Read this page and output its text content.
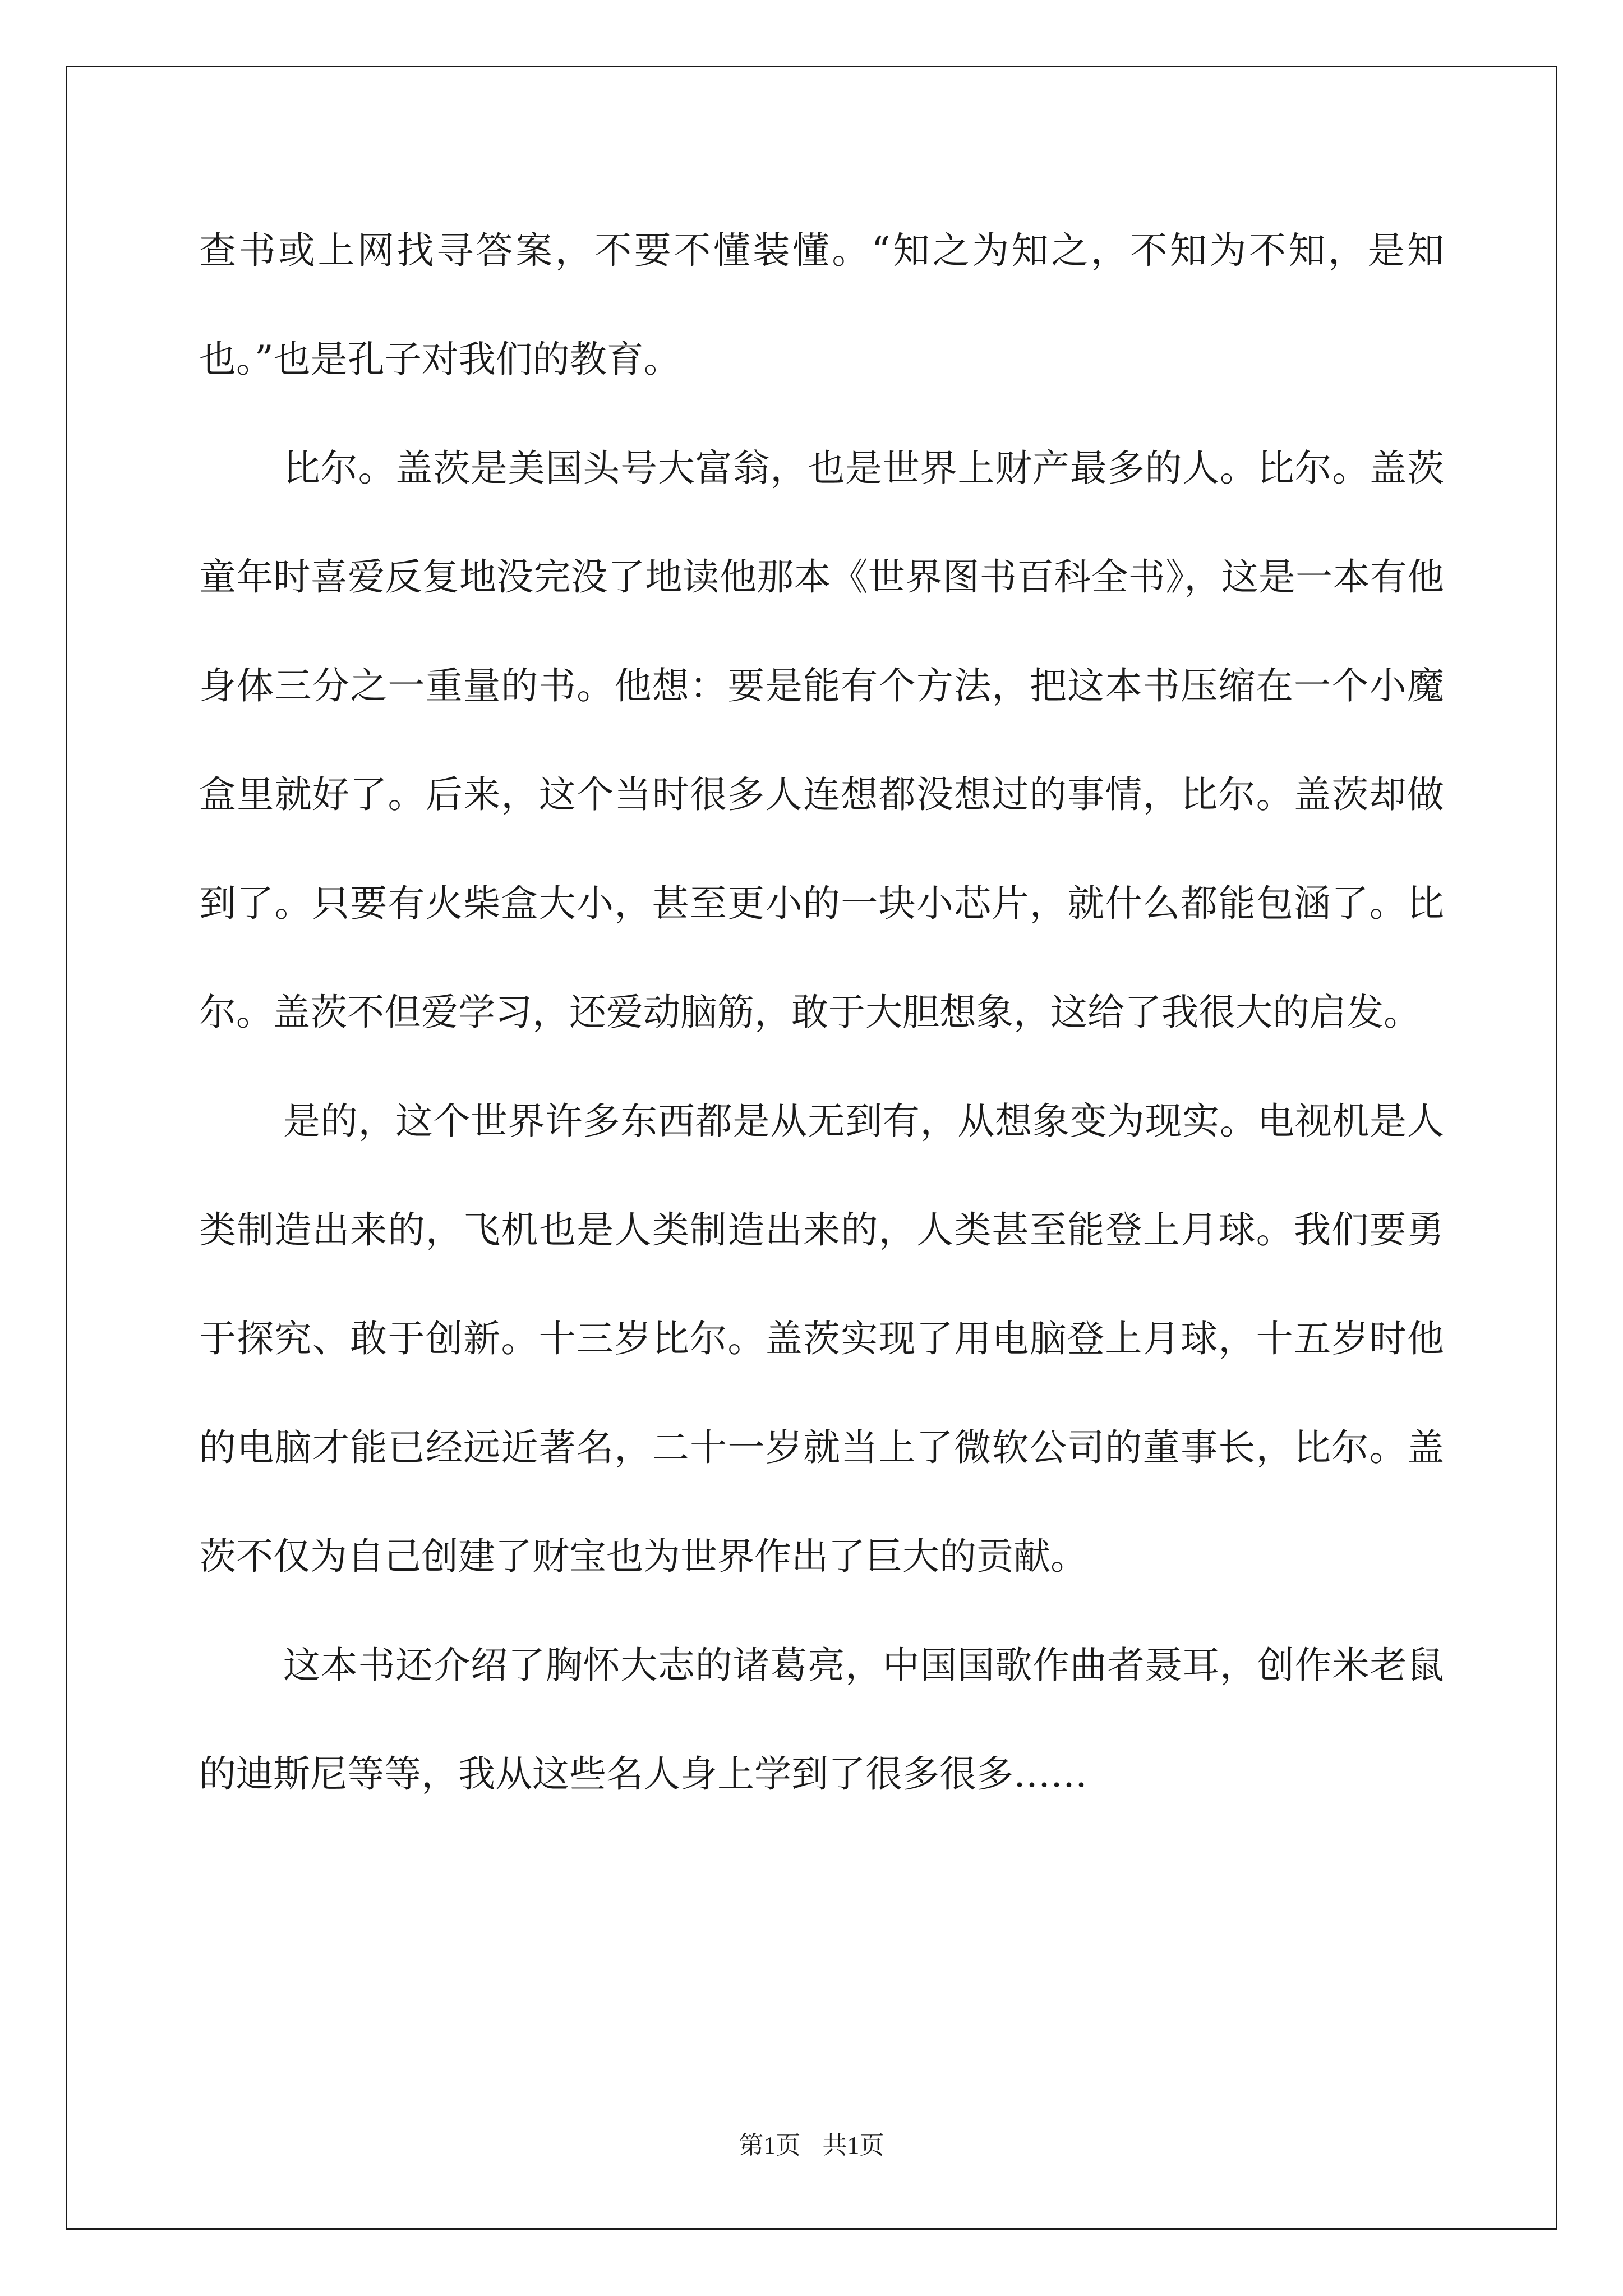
查书或上网找寻答案，不要不懂装懂。“知之为知之，不知为不知，是知也。”也是孔子对我们的教育。

比尔。盖茨是美国头号大富翁，也是世界上财产最多的人。比尔。盖茨童年时喜爱反复地没完没了地读他那本《世界图书百科全书》，这是一本有他身体三分之一重量的书。他想：要是能有个方法，把这本书压缩在一个小魔盒里就好了。后来，这个当时很多人连想都没想过的事情，比尔。盖茨却做到了。只要有火柴盒大小，甚至更小的一块小芯片，就什么都能包涵了。比尔。盖茨不但爱学习，还爱动脑筋，敢于大胆想象，这给了我很大的启发。

是的，这个世界许多东西都是从无到有，从想象变为现实。电视机是人类制造出来的，飞机也是人类制造出来的，人类甚至能登上月球。我们要勇于探究、敢于创新。十三岁比尔。盖茨实现了用电脑登上月球，十五岁时他的电脑才能已经远近著名，二十一岁就当上了微软公司的董事长，比尔。盖茨不仅为自己创建了财宝也为世界作出了巨大的贡献。

这本书还介绍了胸怀大志的诸葛亮，中国国歌作曲者聂耳，创作米老鼠的迪斯尼等等，我从这些名人身上学到了很多很多……

第1页 共1页
